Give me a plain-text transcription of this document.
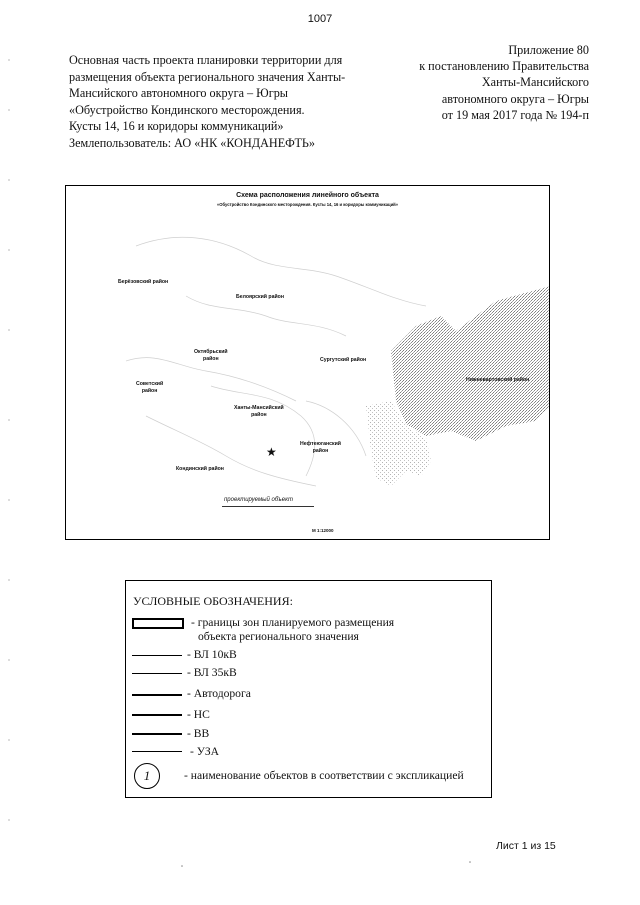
1007
Основная часть проекта планировки территории для
размещения объекта регионального значения Ханты-
Мансийского автономного округа – Югры
«Обустройство Кондинского месторождения.
Кусты 14, 16 и коридоры коммуникаций»
Землепользователь: АО «НК «КОНДАНЕФТЬ»
Приложение 80
к постановлению Правительства
Ханты-Мансийского
автономного округа – Югры
от 19 мая 2017 года № 194-п
Схема расположения линейного объекта
«Обустройство Кондинского месторождения. Кусты 14, 16 и коридоры коммуникаций»
Берёзовский район
Белоярский район
Октябрьский
район	Сургутский район
Советский
район
Ханты-Мансийский
район
Нефтеюганский
район
Кондинский район
Нижневартовский район
★
проектируемый объект
М 1:12000
УСЛОВНЫЕ ОБОЗНАЧЕНИЯ:
- границы зон планируемого размещения
объекта регионального значения
- ВЛ 10кВ
- ВЛ 35кВ
- Автодорога
- НС
- ВВ
- УЗА
1	- наименование объектов в соответствии с экспликацией
Лист 1 из 15
